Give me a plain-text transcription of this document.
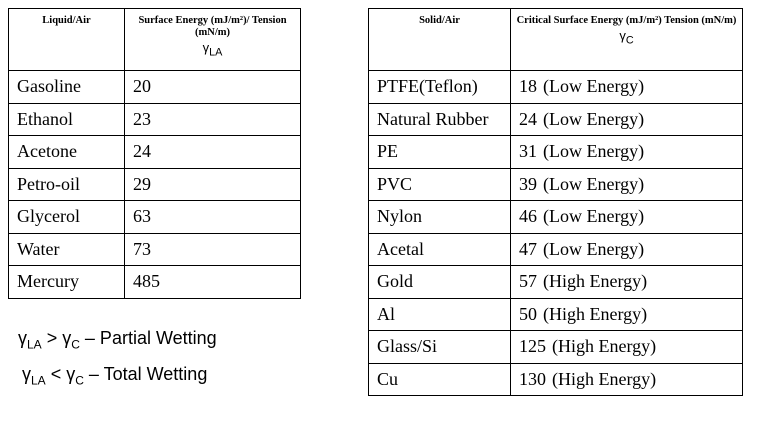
Liquid/Air	Surface Energy (mJ/m²)/ Tension (mN/m)
$\gamma_{LA}$

Gasoline	20
Ethanol	23
Acetone	24
Petro-oil	29
Glycerol	63
Water	73
Mercury	485
Solid/Air	Critical Surface Energy (mJ/m²) Tension (mN/m)
$\gamma_C$

PTFE(Teflon)	18 (Low Energy)
Natural Rubber	24 (Low Energy)
PE	31 (Low Energy)
PVC	39 (Low Energy)
Nylon	46 (Low Energy)
Acetal	47 (Low Energy)
Gold	57 (High Energy)
Al	50 (High Energy)
Glass/Si	125 (High Energy)
Cu	130 (High Energy)
$\gamma_{LA} > \gamma_C$ – Partial Wetting
$\gamma_{LA} < \gamma_C$ – Total Wetting
